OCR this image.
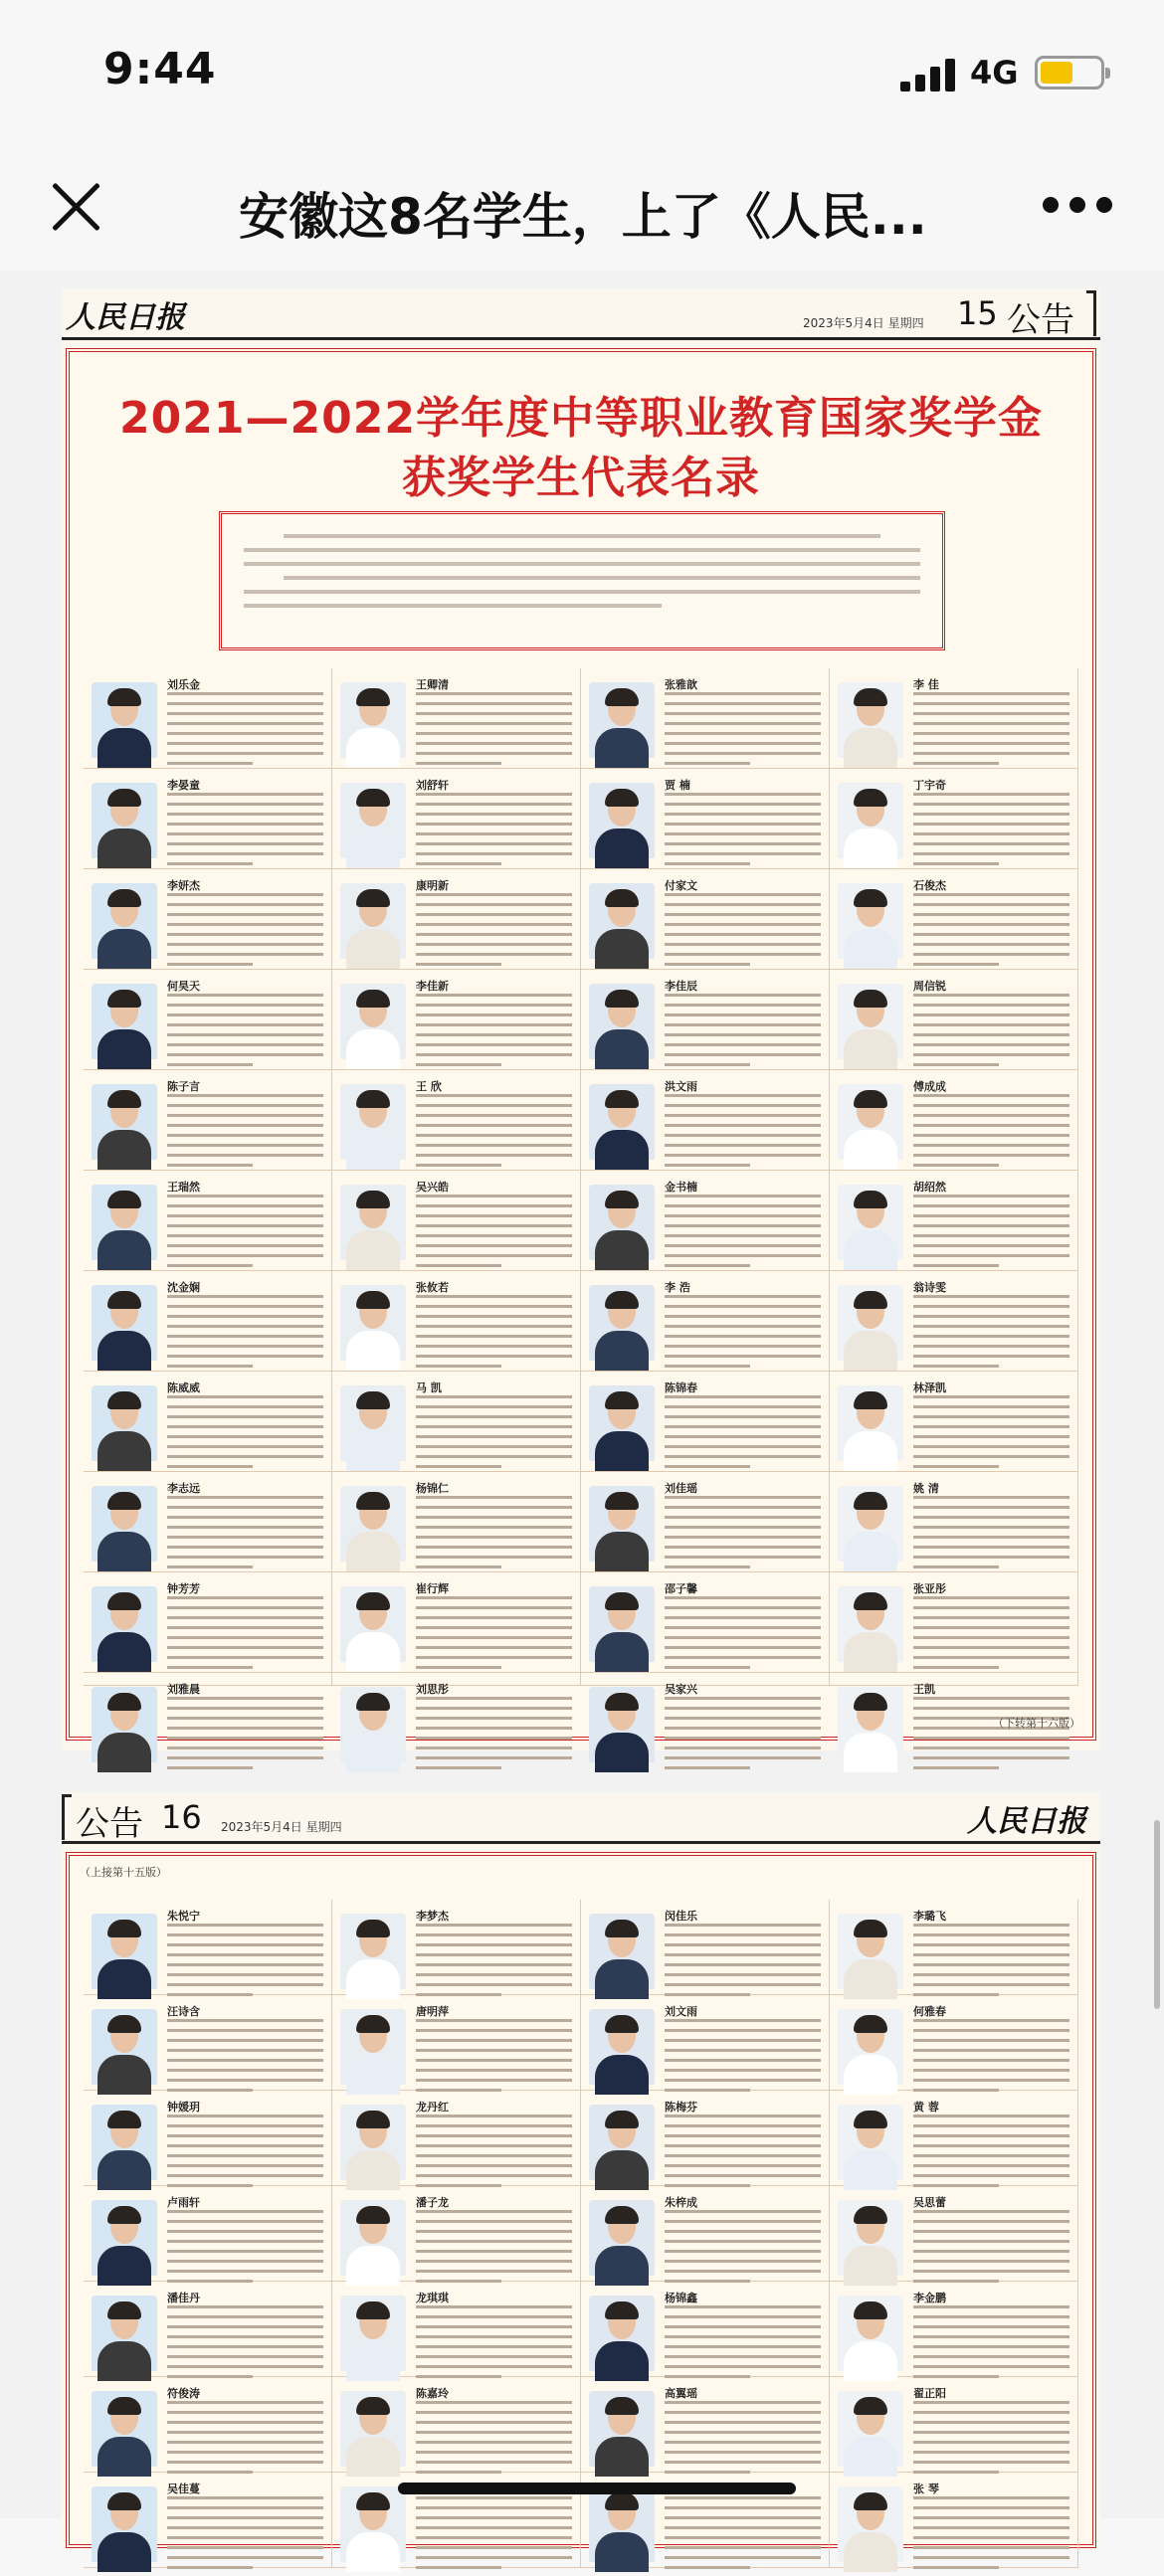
9:44	4G
安徽这8名学生，上了《人民...
人民日报	2023年5月4日 星期四 15 公告
2021—2022学年度中等职业教育国家奖学金
获奖学生代表名录
刘乐金	王卿清	张雅歆	李 佳
李晏童	刘舒轩	贾 楠	丁宇奇
李妍杰	康明新	付家文	石俊杰
何昊天	李佳新	李佳辰	周信锐
陈子言	王 欣	洪文雨	傅成成
王瑞然	吴兴皓	金书楠	胡绍然
沈金娴	张攸若	李 浩	翁诗雯
陈威威	马 凯	陈锦春	林泽凯
李志远	杨锦仁	刘佳瑶	姚 清
钟芳芳	崔行辉	邵子馨	张亚彤
刘雅晨	刘思彤	吴家兴	王凯
（下转第十六版）
公告 16 2023年5月4日 星期四	人民日报
（上接第十五版）
朱悦宁	李梦杰	闵佳乐	李璐飞
汪诗含	唐明萍	刘文雨	何雅春
钟媛玥	龙丹红	陈梅芬	黄 蓉
卢雨轩	潘子龙	朱梓成	吴思蕾
潘佳丹	龙琪琪	杨锦鑫	李金鹏
符俊涛	陈嘉玲	高翼瑶	翟正阳
吴佳蔓	张 琴
